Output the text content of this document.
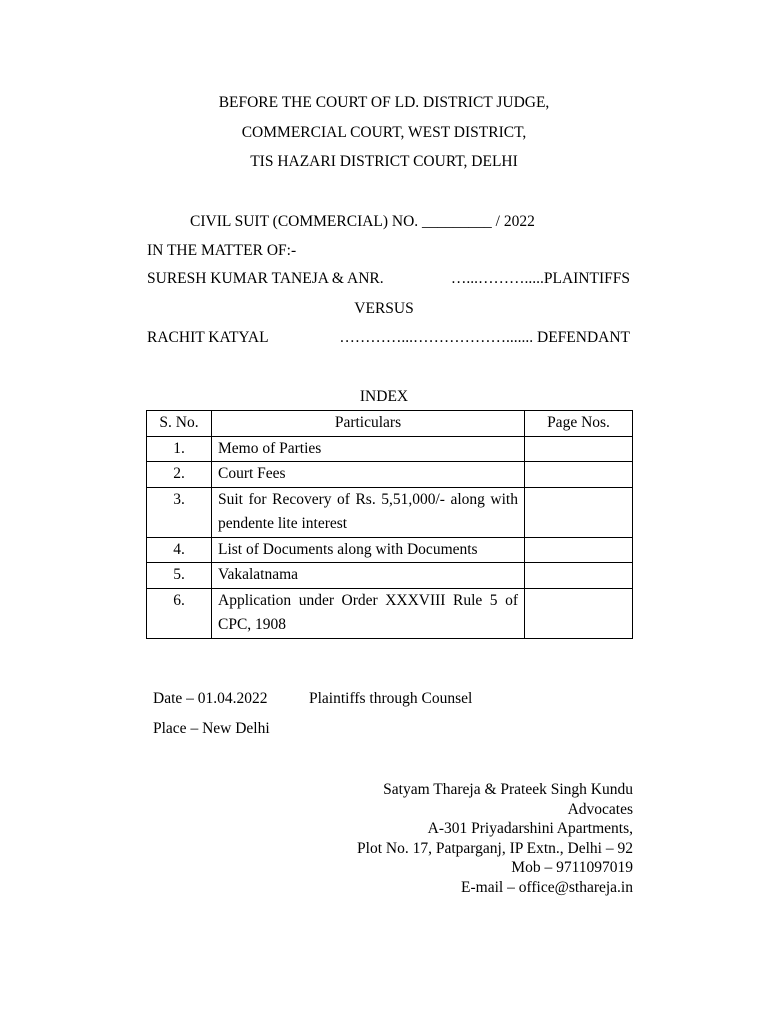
BEFORE THE COURT OF LD. DISTRICT JUDGE,
COMMERCIAL COURT, WEST DISTRICT,
TIS HAZARI DISTRICT COURT, DELHI
CIVIL SUIT (COMMERCIAL) NO. _________ / 2022
IN THE MATTER OF:-
SURESH KUMAR TANEJA & ANR.	…...……….....PLAINTIFFS
VERSUS
RACHIT KATYAL	…………...………………....... DEFENDANT
INDEX
S. No.	Particulars	Page Nos.
1.	Memo of Parties	
2.	Court Fees	
3.	Suit for Recovery of Rs. 5,51,000/- along with pendente lite interest	
4.	List of Documents along with Documents	
5.	Vakalatnama	
6.	Application under Order XXXVIII Rule 5 of CPC, 1908	
Date – 01.04.2022	Plaintiffs through Counsel
Place – New Delhi
Satyam Thareja & Prateek Singh Kundu
Advocates
A-301 Priyadarshini Apartments,
Plot No. 17, Patparganj, IP Extn., Delhi – 92
Mob – 9711097019
E-mail – office@sthareja.in
